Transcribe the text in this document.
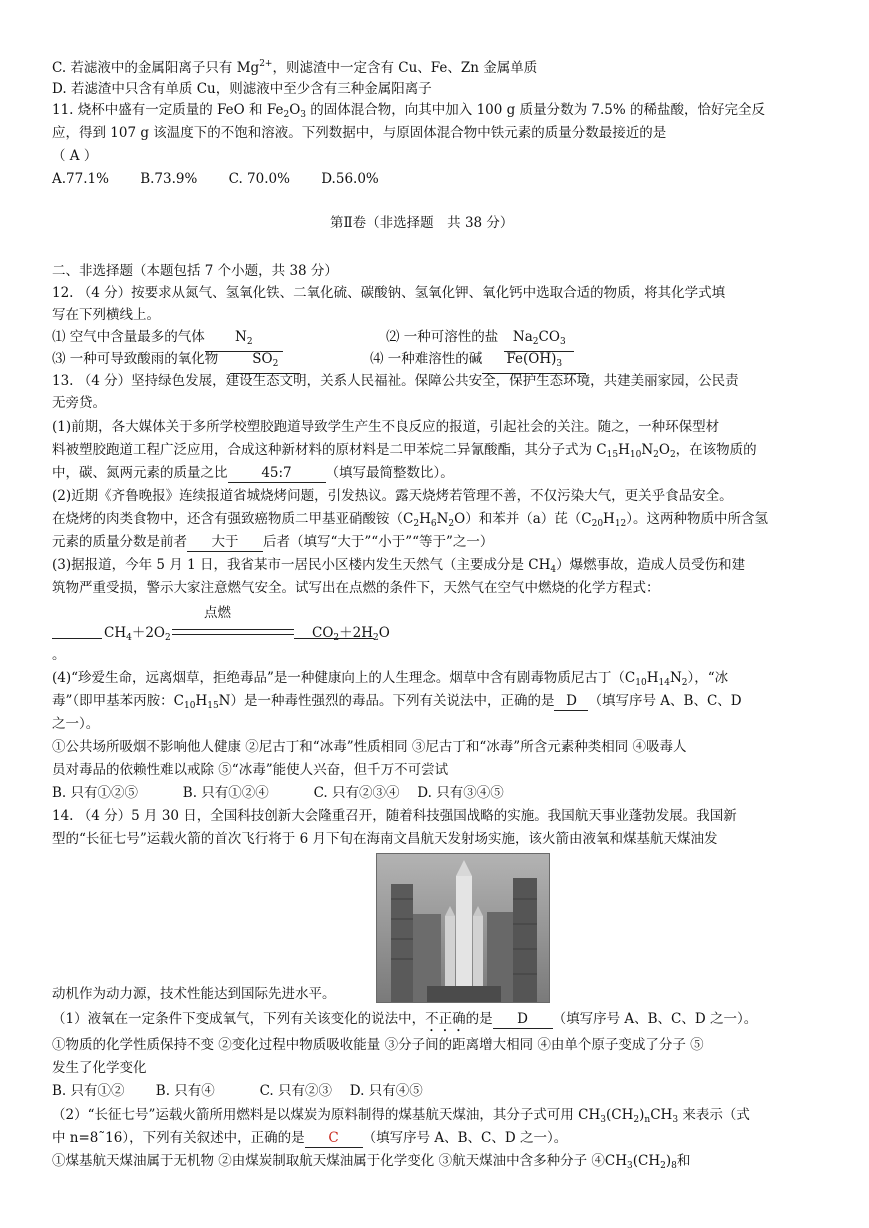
C. 若滤液中的金属阳离子只有 $Mg^{2+}$，则滤渣中一定含有 Cu、Fe、Zn 金属单质
D. 若滤渣中只含有单质 Cu，则滤液中至少含有三种金属阳离子
11. 烧杯中盛有一定质量的 FeO 和 $Fe_2O_3$ 的固体混合物，向其中加入 100 g 质量分数为 7.5% 的稀盐酸，恰好完全反
应，得到 107 g 该温度下的不饱和溶液。下列数据中，与原固体混合物中铁元素的质量分数最接近的是
（ A ）
A.77.1%　　 B.73.9%　　 C. 70.0%　　 D.56.0%
第Ⅱ卷（非选择题　共 38 分）
二、非选择题（本题包括 7 个小题，共 38 分）
12. （4 分）按要求从氮气、氢氧化铁、二氧化硫、碳酸钠、氢氧化钾、氧化钙中选取合适的物质，将其化学式填
写在下列横线上。
⑴ 空气中含量最多的气体 $N_2$	⑵ 一种可溶性的盐 $Na_2CO_3$
⑶ 一种可导致酸雨的氧化物	$SO_2$	⑷ 一种难溶性的碱 $Fe(OH)_3$
13. （4 分）坚持绿色发展，建设生态文明，关系人民福祉。保障公共安全，保护生态环境，共建美丽家园，公民责
无旁贷。
(1)前期，各大媒体关于多所学校塑胶跑道导致学生产生不良反应的报道，引起社会的关注。随之，一种环保型材
料被塑胶跑道工程广泛应用，合成这种新材料的原材料是二甲苯烷二异氰酸酯，其分子式为 $C_{15}H_{10}N_2O_2$，在该物质的
中，碳、氮两元素的质量之比	45:7	（填写最简整数比）。
(2)近期《齐鲁晚报》连续报道省城烧烤问题，引发热议。露天烧烤若管理不善，不仅污染大气，更关乎食品安全。
在烧烤的肉类食物中，还含有强致癌物质二甲基亚硝酸铵$(C_2H_6N_2O)$和苯并（a）芘$(C_{20}H_{12})$。这两种物质中所含氢
元素的质量分数是前者 大于 后者（填写“大于”“小于”“等于”之一）
(3)据报道，今年 5 月 1 日，我省某市一居民小区楼内发生天然气（主要成分是 $CH_4$）爆燃事故，造成人员受伤和建
筑物严重受损，警示大家注意燃气安全。试写出在点燃的条件下，天然气在空气中燃烧的化学方程式：
点燃
$CH_4+2O_2$	$CO_2+2H_2O$
。
(4)“珍爱生命，远离烟草，拒绝毒品”是一种健康向上的人生理念。烟草中含有剧毒物质尼古丁$(C_{10}H_{14}N_2)$，“冰
毒”（即甲基苯丙胺：$C_{10}H_{15}N$）是一种毒性强烈的毒品。下列有关说法中，正确的是 D （填写序号 A、B、C、D
之一）。
①公共场所吸烟不影响他人健康 ②尼古丁和“冰毒”性质相同 ③尼古丁和“冰毒”所含元素种类相同 ④吸毒人
员对毒品的依赖性难以戒除 ⑤“冰毒”能使人兴奋，但千万不可尝试
B. 只有①②⑤　　　 B. 只有①②④　　　 C. 只有②③④　 D. 只有③④⑤
14. （4 分）5 月 30 日，全国科技创新大会隆重召开，随着科技强国战略的实施。我国航天事业蓬勃发展。我国新
型的“长征七号”运载火箭的首次飞行将于 6 月下旬在海南文昌航天发射场实施，该火箭由液氧和煤基航天煤油发
动机作为动力源，技术性能达到国际先进水平。
（1）液氧在一定条件下变成氧气，下列有关该变化的说法中，不正确的是 D （填写序号 A、B、C、D 之一）。
①物质的化学性质保持不变 ②变化过程中物质吸收能量 ③分子间的距离增大相同 ④由单个原子变成了分子 ⑤
发生了化学变化
B. 只有①②　　 B. 只有④　　　 C. 只有②③　 D. 只有④⑤
（2）“长征七号”运载火箭所用燃料是以煤炭为原料制得的煤基航天煤油，其分子式可用 $CH_3(CH_2)_nCH_3$ 来表示（式
中 n=8˜16），下列有关叙述中，正确的是 C （填写序号 A、B、C、D 之一）。
①煤基航天煤油属于无机物 ②由煤炭制取航天煤油属于化学变化 ③航天煤油中含多种分子 $④CH_3(CH_2)_8$和
